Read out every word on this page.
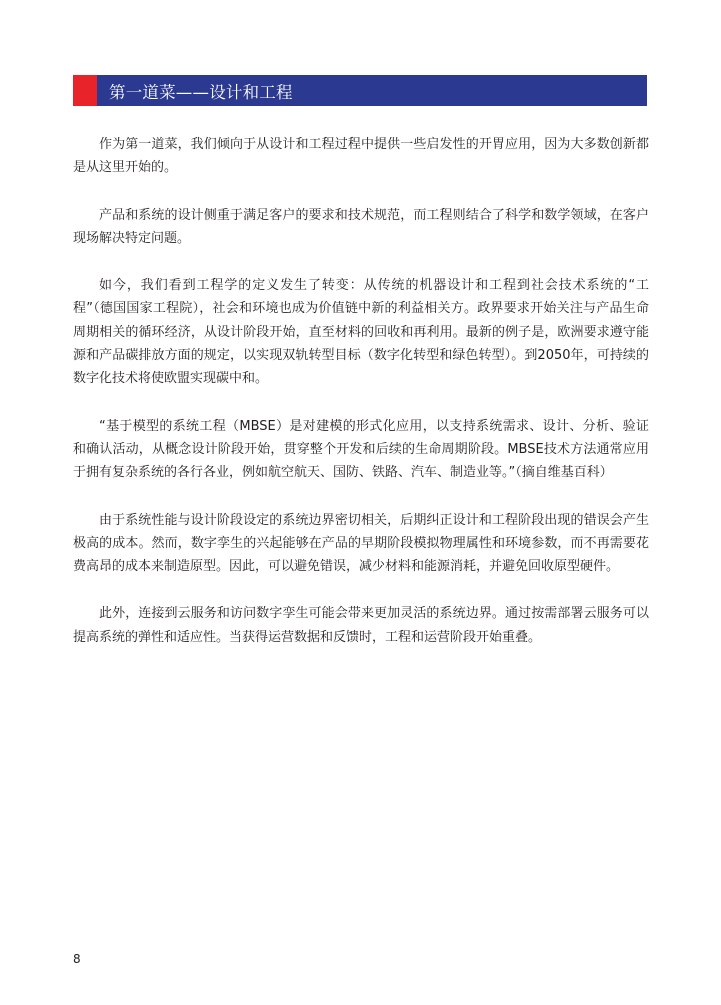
第一道菜——设计和工程

作为第一道菜，我们倾向于从设计和工程过程中提供一些启发性的开胃应用，因为大多数创新都是从这里开始的。

产品和系统的设计侧重于满足客户的要求和技术规范，而工程则结合了科学和数学领域，在客户现场解决特定问题。

如今，我们看到工程学的定义发生了转变：从传统的机器设计和工程到社会技术系统的“工程”（德国国家工程院），社会和环境也成为价值链中新的利益相关方。政界要求开始关注与产品生命周期相关的循环经济，从设计阶段开始，直至材料的回收和再利用。最新的例子是，欧洲要求遵守能源和产品碳排放方面的规定，以实现双轨转型目标（数字化转型和绿色转型）。到2050年，可持续的数字化技术将使欧盟实现碳中和。

“基于模型的系统工程（MBSE）是对建模的形式化应用，以支持系统需求、设计、分析、验证和确认活动，从概念设计阶段开始，贯穿整个开发和后续的生命周期阶段。MBSE技术方法通常应用于拥有复杂系统的各行各业，例如航空航天、国防、铁路、汽车、制造业等。”（摘自维基百科）

由于系统性能与设计阶段设定的系统边界密切相关，后期纠正设计和工程阶段出现的错误会产生极高的成本。然而，数字孪生的兴起能够在产品的早期阶段模拟物理属性和环境参数，而不再需要花费高昂的成本来制造原型。因此，可以避免错误，减少材料和能源消耗，并避免回收原型硬件。

此外，连接到云服务和访问数字孪生可能会带来更加灵活的系统边界。通过按需部署云服务可以提高系统的弹性和适应性。当获得运营数据和反馈时，工程和运营阶段开始重叠。

8
